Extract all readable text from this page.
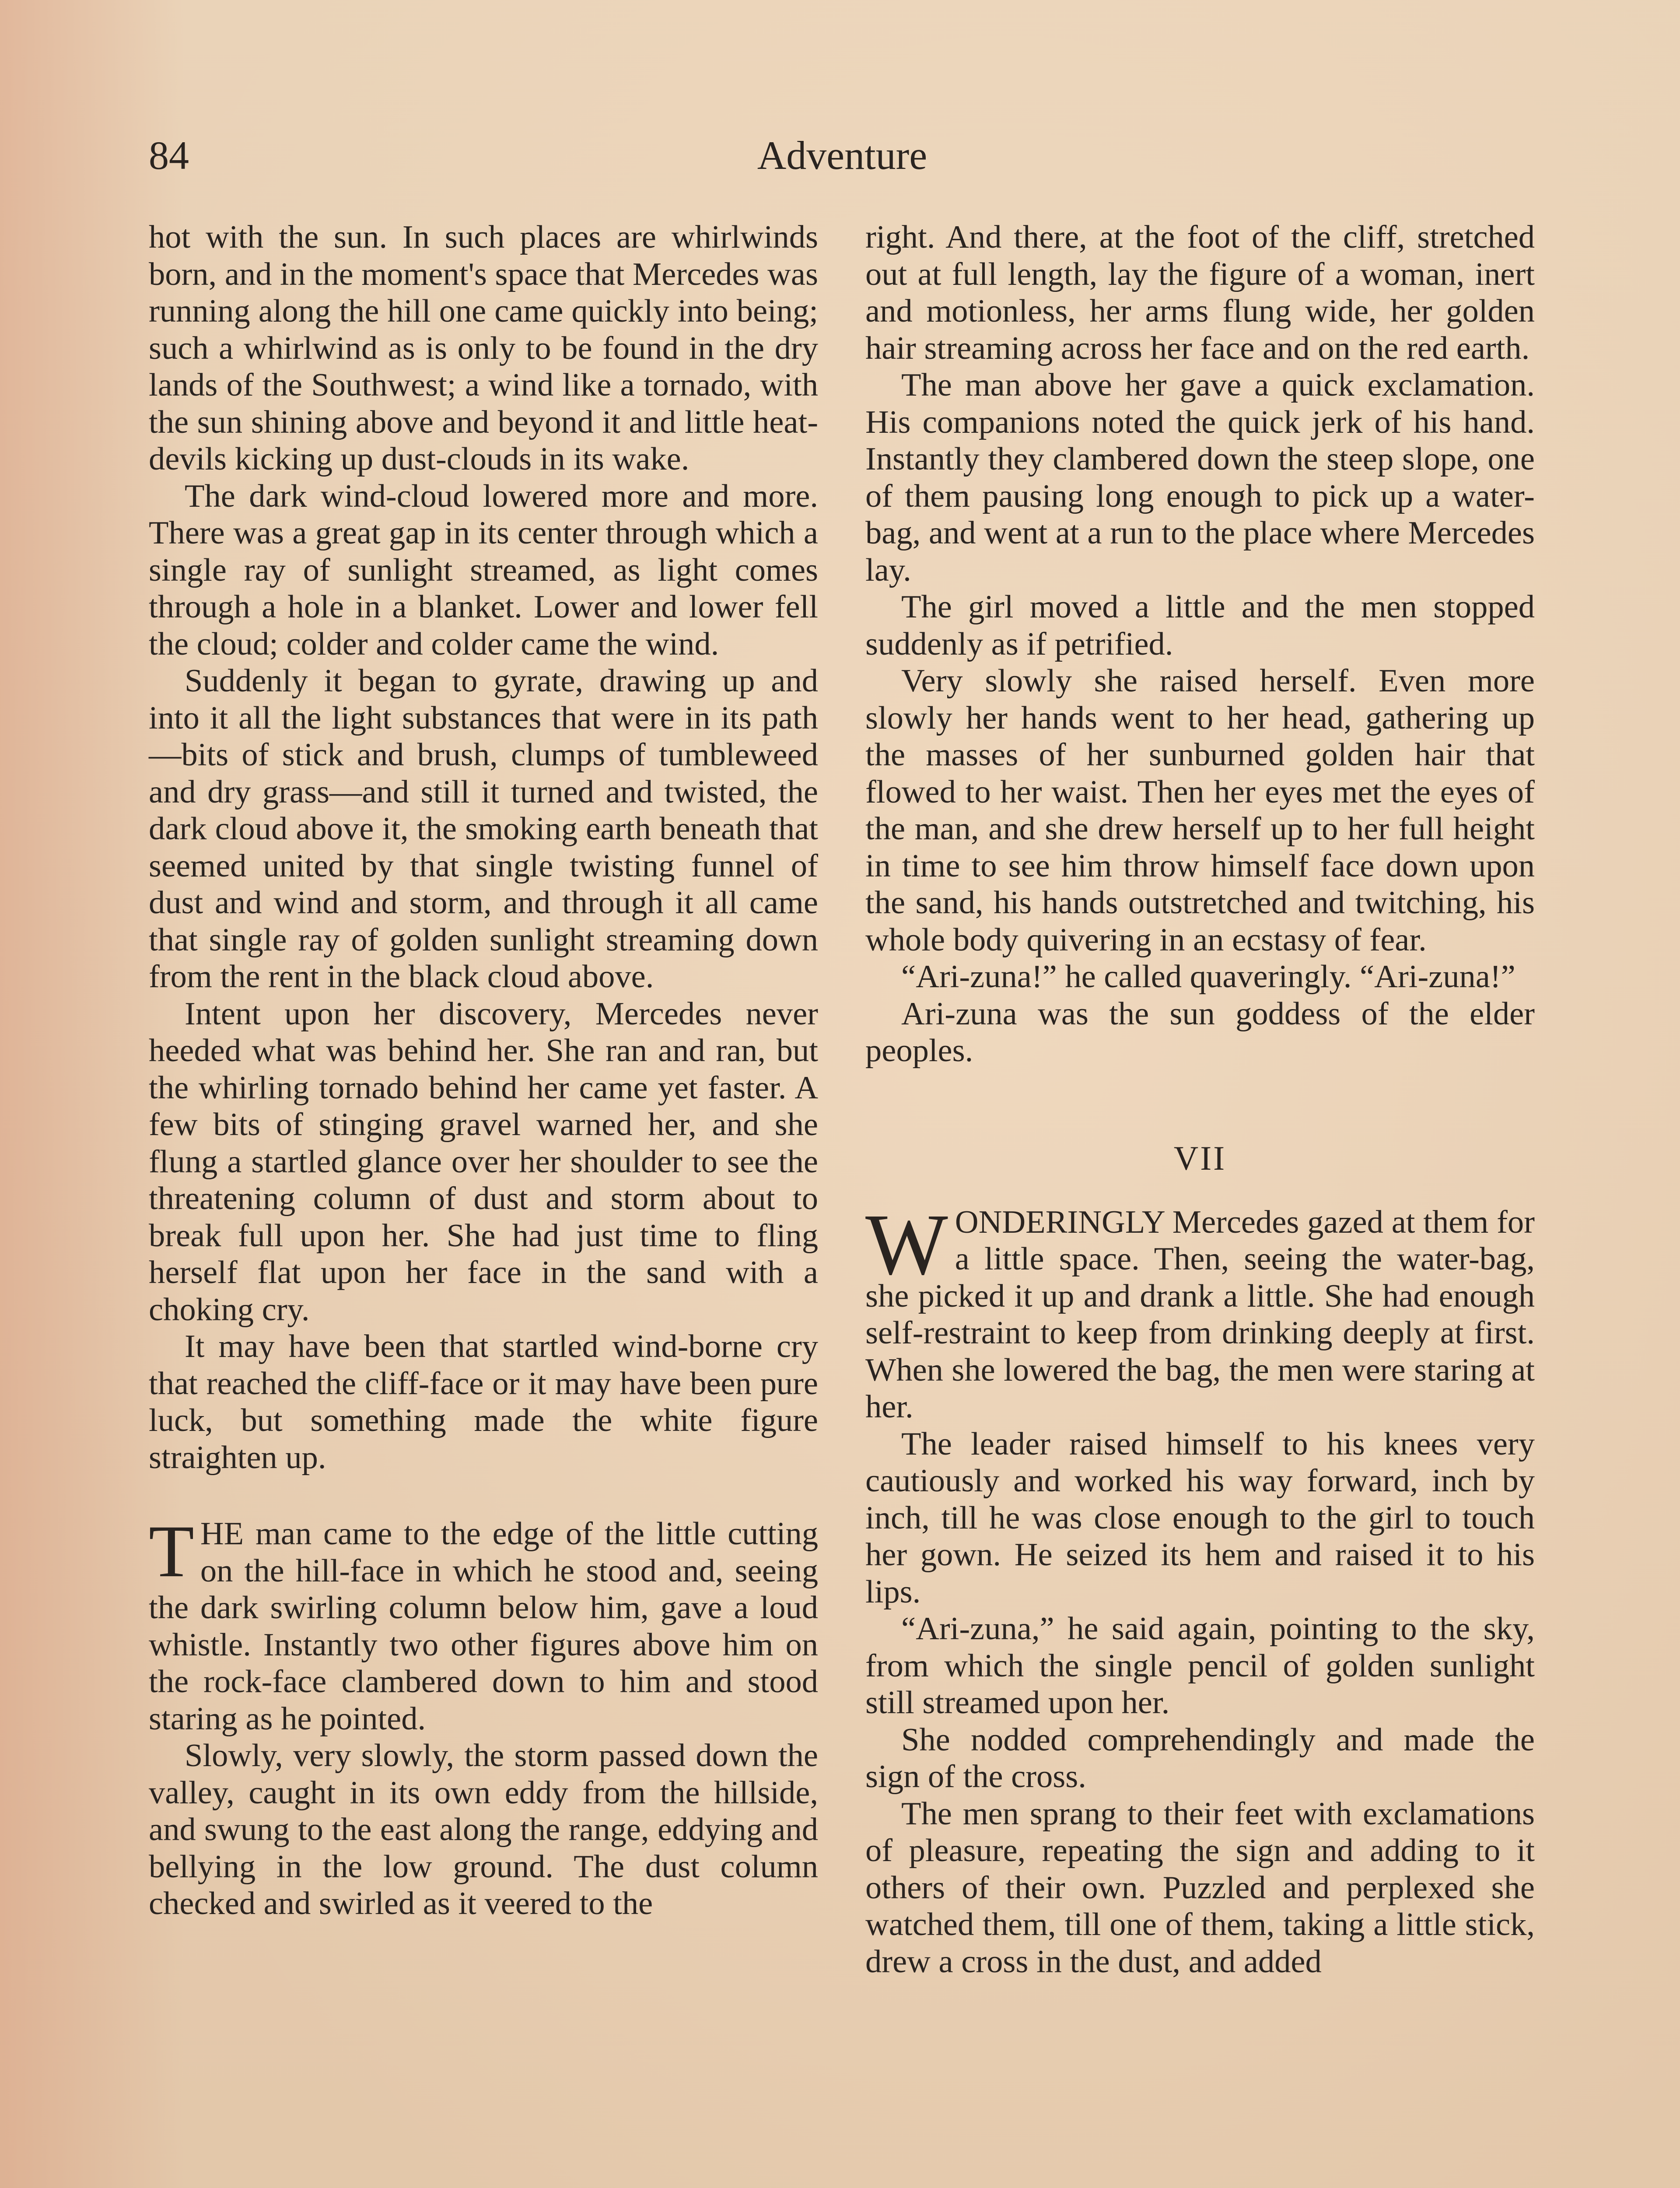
84	Adventure

hot with the sun. In such places are whirlwinds born, and in the moment's space that Mercedes was running along the hill one came quickly into being; such a whirlwind as is only to be found in the dry lands of the Southwest; a wind like a tornado, with the sun shining above and beyond it and little heat-devils kicking up dust-clouds in its wake.

The dark wind-cloud lowered more and more. There was a great gap in its center through which a single ray of sunlight streamed, as light comes through a hole in a blanket. Lower and lower fell the cloud; colder and colder came the wind.

Suddenly it began to gyrate, drawing up and into it all the light substances that were in its path—bits of stick and brush, clumps of tumbleweed and dry grass—and still it turned and twisted, the dark cloud above it, the smoking earth beneath that seemed united by that single twisting funnel of dust and wind and storm, and through it all came that single ray of golden sunlight streaming down from the rent in the black cloud above.

Intent upon her discovery, Mercedes never heeded what was behind her. She ran and ran, but the whirling tornado behind her came yet faster. A few bits of stinging gravel warned her, and she flung a startled glance over her shoulder to see the threatening column of dust and storm about to break full upon her. She had just time to fling herself flat upon her face in the sand with a choking cry.

It may have been that startled wind-borne cry that reached the cliff-face or it may have been pure luck, but something made the white figure straighten up.

THE man came to the edge of the little cutting on the hill-face in which he stood and, seeing the dark swirling column below him, gave a loud whistle. Instantly two other figures above him on the rock-face clambered down to him and stood staring as he pointed.

Slowly, very slowly, the storm passed down the valley, caught in its own eddy from the hillside, and swung to the east along the range, eddying and bellying in the low ground. The dust column checked and swirled as it veered to the

right. And there, at the foot of the cliff, stretched out at full length, lay the figure of a woman, inert and motionless, her arms flung wide, her golden hair streaming across her face and on the red earth.

The man above her gave a quick exclamation. His companions noted the quick jerk of his hand. Instantly they clambered down the steep slope, one of them pausing long enough to pick up a water-bag, and went at a run to the place where Mercedes lay.

The girl moved a little and the men stopped suddenly as if petrified.

Very slowly she raised herself. Even more slowly her hands went to her head, gathering up the masses of her sunburned golden hair that flowed to her waist. Then her eyes met the eyes of the man, and she drew herself up to her full height in time to see him throw himself face down upon the sand, his hands outstretched and twitching, his whole body quivering in an ecstasy of fear.

“Ari-zuna!” he called quaveringly. “Ari-zuna!”

Ari-zuna was the sun goddess of the elder peoples.

VII

WONDERINGLY Mercedes gazed at them for a little space. Then, seeing the water-bag, she picked it up and drank a little. She had enough self-restraint to keep from drinking deeply at first. When she lowered the bag, the men were staring at her.

The leader raised himself to his knees very cautiously and worked his way forward, inch by inch, till he was close enough to the girl to touch her gown. He seized its hem and raised it to his lips.

“Ari-zuna,” he said again, pointing to the sky, from which the single pencil of golden sunlight still streamed upon her.

She nodded comprehendingly and made the sign of the cross.

The men sprang to their feet with exclamations of pleasure, repeating the sign and adding to it others of their own. Puzzled and perplexed she watched them, till one of them, taking a little stick, drew a cross in the dust, and added
